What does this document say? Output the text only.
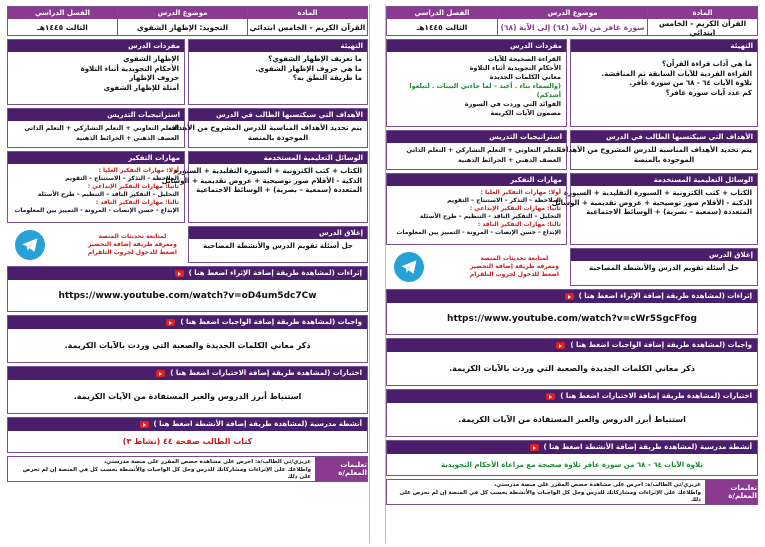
المادة
القرآن الكريم - الخامس ابتدائي
موضوع الدرس
التجويد: الإظهار الشفوي
الفصل الدراسي
الثالث ١٤٤٥هـ
التهيئة
ما تعريف الإظهار الشفوي؟
ما هي حروف الإظهار الشفوي.
ما طريقة النطق به؟
الأهداف التي سيكتسبها الطالب في الدرس
يتم تحديد الأهداف المناسبة للدرس المشروح من الأهداف
الموجودة بالمنصة
الوسائل التعليمية المستخدمة
الكتاب + كتب الكترونية + السبورة التقليدية + السبورة
الذكية - الأقلام صور توضيحية + عروض تقديمية + الوسائل
المتعددة (سمعية – بصرية) + الوسائط الاجتماعية
إغلاق الدرس
حل أسئلة تقويم الدرس والأنشطة المصاحبة
مفردات الدرس
الإظهار الشفوي
الأحكام التجويدية أثناء التلاوة
حروف الإظهار
أمثلة للإظهار الشفوي
استراتيجيات التدريس
التعلم التعاوني + التعلم التشاركي + التعلم الذاتي
العصف الذهني + الخرائط الذهنية
مهارات التفكير
أولا: مهارات التفكير العليا :
الملاحظة – التذكر – الاستنتاج – التقويم
ثانيا: مهارات التفكير الإبداعي :
التحليل – التفكير الناقد – التنظيم – طرح الأسئلة
ثالثا: مهارات التفكير الناقد :
الإبداع - حسن الإنصات - المرونة - التمييز بين المعلومات
لمتابعة تحديثات المنصة
ومعرفة طريقة إضافة التحضير
اضغط للدخول لجروب التلقرام
إثراءات (لمشاهدة طريقة إضافة الإثراء اضغط هنا )
https://www.youtube.com/watch?v=oD4um5dc7Cw
واجبات (لمشاهدة طريقة إضافة الواجبات اضغط هنا )
ذكر معاني الكلمات الجديدة والصعبة التي وردت بالآيات الكريمة.
اختبارات (لمشاهدة طريقة إضافة الاختبارات اضغط هنا )
استنباط أبرز الدروس والعبر المستفادة من الآيات الكريمة.
أنشطة مدرسية (لمشاهدة طريقة إضافة الأنشطة اضغط هنا )
كتاب الطالب صفحة ٤٤ (نشاط ٣)
تعليمات المعلم/ة
عزيزي/تي الطالب/ة: احرص على مشاهدة حصص المقرر على منصة مدرستي،
واطلاعك على الإثراءات ومشاركاتك للدرس وحل كل الواجبات والأنشطة بحسب كل في المنصة إن لم تحرص على ذلك
المادة
القرآن الكريم - الخامس ابتدائي
موضوع الدرس
سورة غافر من الآية (٦٤) إلى الآية (٦٨)
الفصل الدراسي
الثالث ١٤٤٥هـ
التهيئة
ما هي آداب قراءة القرآن؟
القراءة الفردية للآيات السابقة ثم المناقشة.
تلاوة الآيات ٦٤ - ٦٨ من سورة غافر.
كم عدد آيات سورة غافر؟
الأهداف التي سيكتسبها الطالب في الدرس
يتم تحديد الأهداف المناسبة للدرس المشروح من الأهداف
الموجودة بالمنصة
الوسائل التعليمية المستخدمة
الكتاب + كتب الكترونية + السبورة التقليدية + السبورة
الذكية - الأقلام صور توضيحية + عروض تقديمية + الوسائل
المتعددة (سمعية – بصرية) + الوسائط الاجتماعية
إغلاق الدرس
حل أسئلة تقويم الدرس والأنشطة المصاحبة
مفردات الدرس
القراءة الصحيحة للآيات
الأحكام التجويدية أثناء التلاوة
معاني الكلمات الجديدة
(والسماء بناء . أعبد – لما جاءني البينات . لتبلغوا
أشدكم)
الفوائد التي وردت في السورة
مضمون الآيات الكريمة
استراتيجيات التدريس
التعلم التعاوني + التعلم التشاركي + التعلم الذاتي
العصف الذهني + الخرائط الذهنية
مهارات التفكير
أولا: مهارات التفكير العليا :
الملاحظة – التذكر – الاستنتاج – التقويم
ثانيا: مهارات التفكير الإبداعي :
التحليل – التفكير الناقد – التنظيم – طرح الأسئلة
ثالثا: مهارات التفكير الناقد :
الإبداع - حسن الإنصات - المرونة - التمييز بين المعلومات
لمتابعة تحديثات المنصة
ومعرفة طريقة إضافة التحضير
اضغط للدخول لجروب التلقرام
إثراءات (لمشاهدة طريقة إضافة الإثراء اضغط هنا )
https://www.youtube.com/watch?v=cWr5SgcFfog
واجبات (لمشاهدة طريقة إضافة الواجبات اضغط هنا )
ذكر معاني الكلمات الجديدة والصعبة التي وردت بالآيات الكريمة.
اختبارات (لمشاهدة طريقة إضافة الاختبارات اضغط هنا )
استنباط أبرز الدروس والعبر المستفادة من الآيات الكريمة.
أنشطة مدرسية (لمشاهدة طريقة إضافة الأنشطة اضغط هنا )
تلاوة الآيات ٦٤ - ٦٨ من سورة غافر تلاوة صحيحة مع مراعاة الأحكام التجويدية
تعليمات المعلم/ة
عزيزي/تي الطالب/ة: احرص على مشاهدة حصص المقرر على منصة مدرستي،
واطلاعك على الإثراءات ومشاركاتك للدرس وحل كل الواجبات والأنشطة بحسب كل في المنصة إن لم تحرص على ذلك
